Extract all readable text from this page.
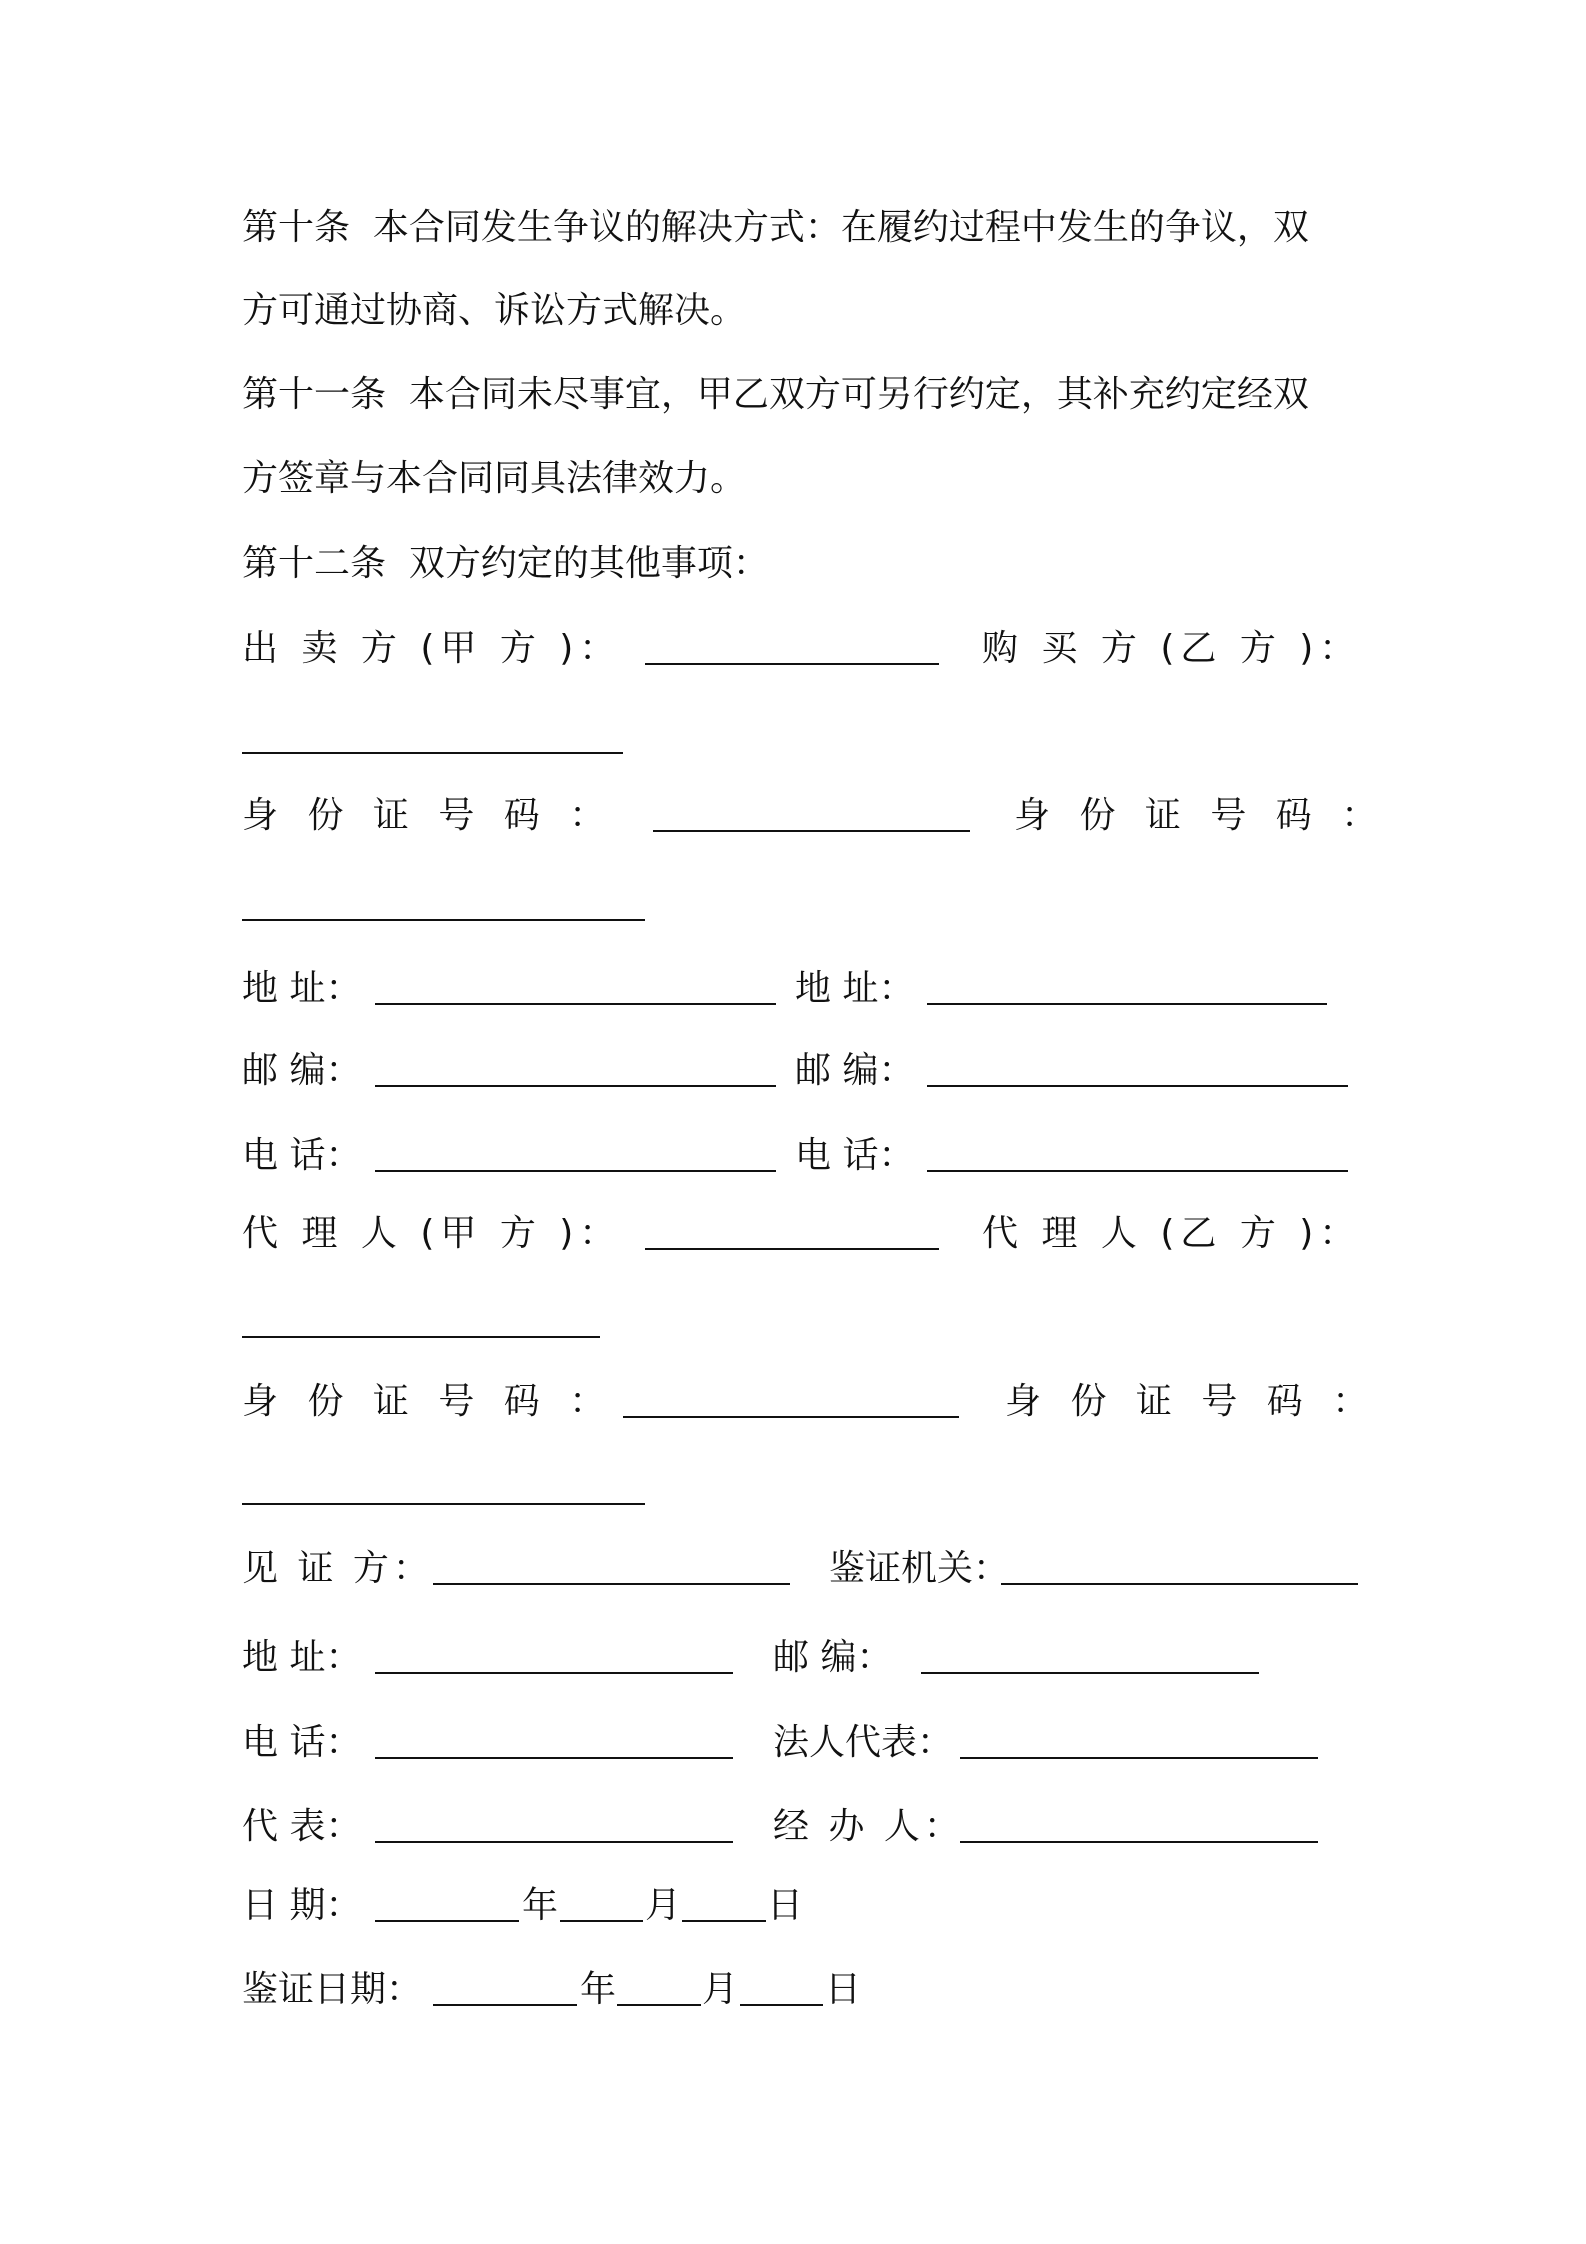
第十条  本合同发生争议的解决方式：在履约过程中发生的争议，双
方可通过协商、诉讼方式解决。
第十一条  本合同未尽事宜，甲乙双方可另行约定，其补充约定经双
方签章与本合同同具法律效力。
第十二条  双方约定的其他事项：
出 卖 方 (甲 方 )：	购 买 方 (乙 方 )：
身 份 证 号 码 ：	身 份 证 号 码 ：
地 址：	地 址：
邮 编：	邮 编：
电 话：	电 话：
代 理 人 (甲 方 )：	代 理 人 (乙 方 )：
身 份 证 号 码 ：	身 份 证 号 码 ：
见 证 方：	鉴证机关：
地 址：	邮 编：
电 话：	法人代表：
代 表：	经 办 人：
日 期：	年 月 日
鉴证日期：	年 月 日
